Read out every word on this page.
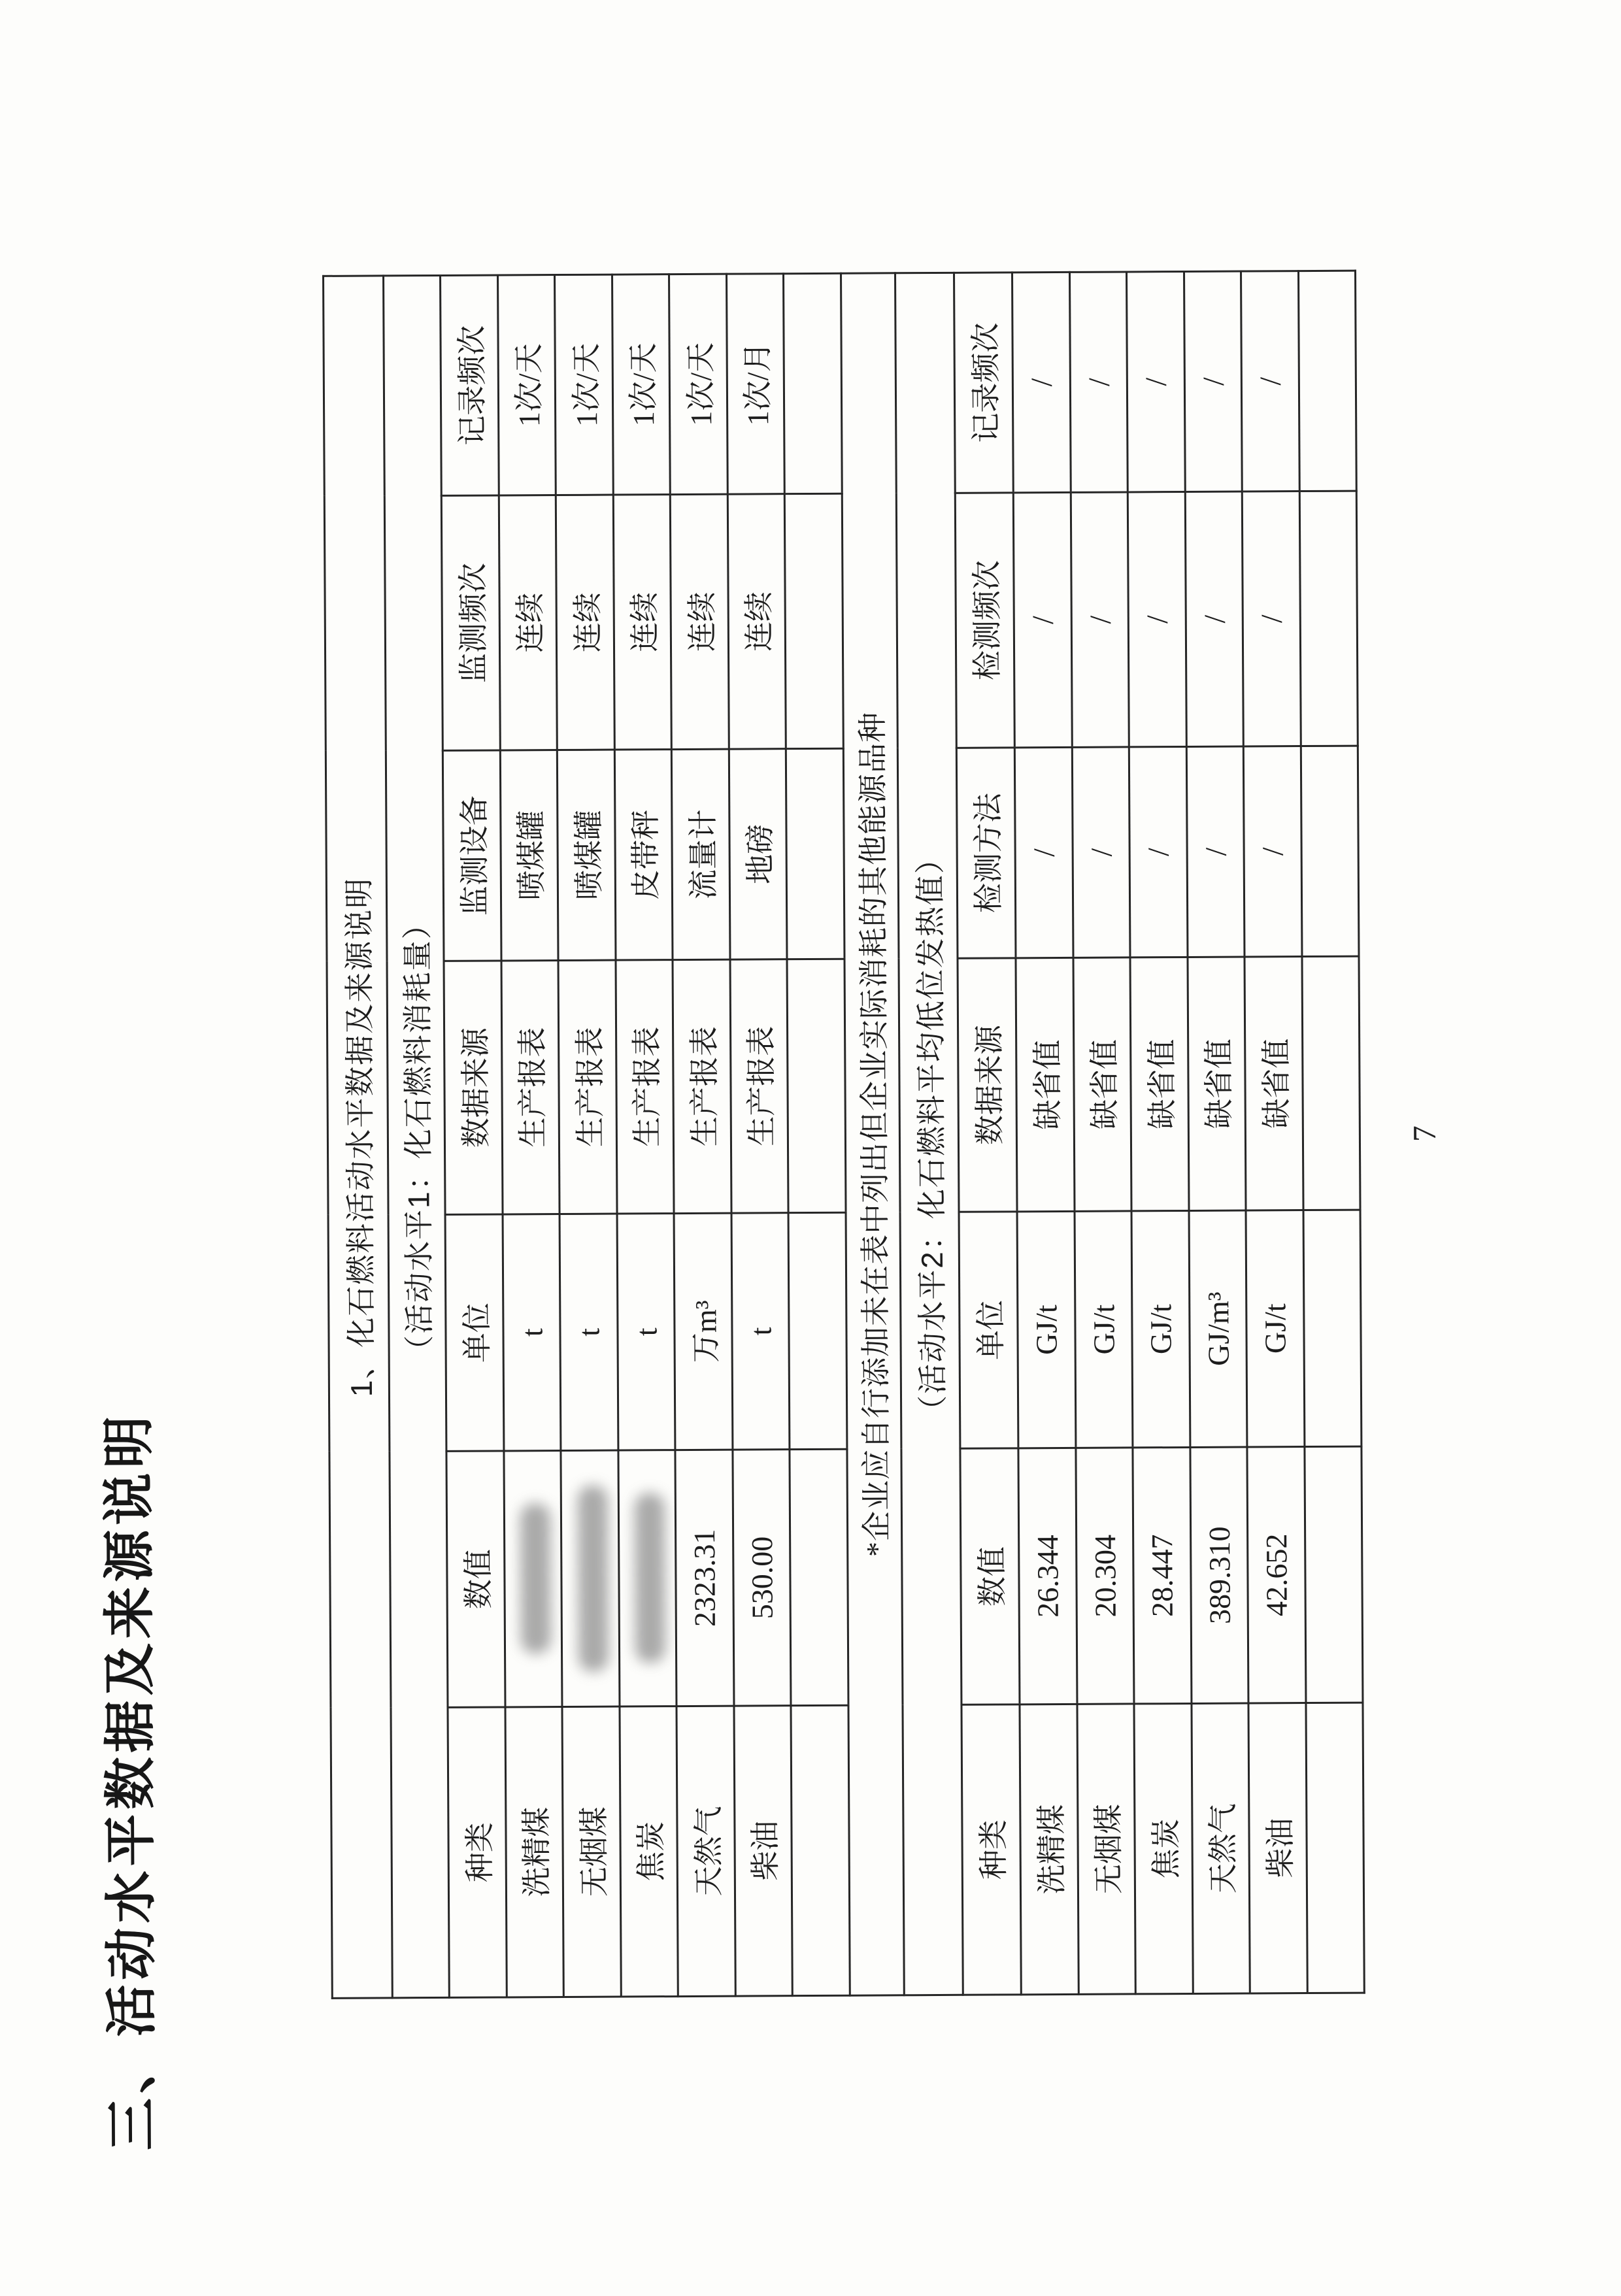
三、活动水平数据及来源说明
1、化石燃料活动水平数据及来源说明						
（活动水平1：化石燃料消耗量）						
种类	数值	单位	数据来源	监测设备	监测频次	记录频次
洗精煤		t	生产报表	喷煤罐	连续	1次/天
无烟煤		t	生产报表	喷煤罐	连续	1次/天
焦炭		t	生产报表	皮带秤	连续	1次/天
天然气	2323.31	万m³	生产报表	流量计	连续	1次/天
柴油	530.00	t	生产报表	地磅	连续	1次/月

*企业应自行添加未在表中列出但企业实际消耗的其他能源品种						
（活动水平2：化石燃料平均低位发热值）						
种类	数值	单位	数据来源	检测方法	检测频次	记录频次
洗精煤	26.344	GJ/t	缺省值	/	/	/
无烟煤	20.304	GJ/t	缺省值	/	/	/
焦炭	28.447	GJ/t	缺省值	/	/	/
天然气	389.310	GJ/m³	缺省值	/	/	/
柴油	42.652	GJ/t	缺省值	/	/	/

7
